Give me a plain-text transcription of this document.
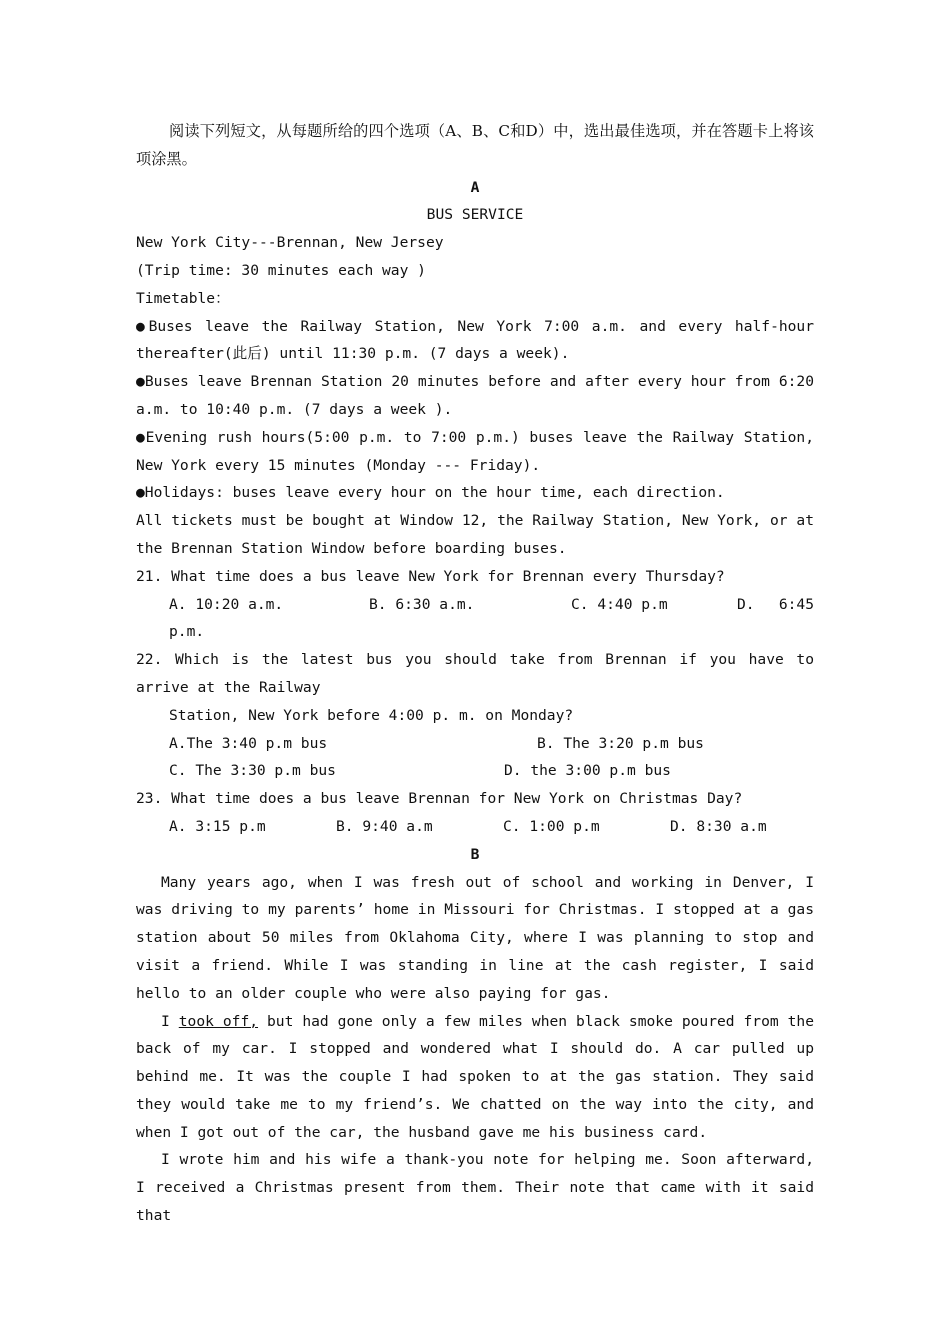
阅读下列短文，从每题所给的四个选项（A、B、C和D）中，选出最佳选项，并在答题卡上将该项涂黑。

A

BUS SERVICE

New York City---Brennan, New Jersey

(Trip time: 30 minutes each way )

Timetable：

●Buses leave the Railway Station, New York 7:00 a.m. and every half-hour thereafter(此后) until 11:30 p.m. (7 days a week).

●Buses leave Brennan Station 20 minutes before and after every hour from 6:20 a.m. to 10:40 p.m. (7 days a week ).

●Evening rush hours(5:00 p.m. to 7:00 p.m.) buses leave the Railway Station, New York every 15 minutes (Monday --- Friday).

●Holidays: buses leave every hour on the hour time, each direction.

All tickets must be bought at Window 12, the Railway Station, New York, or at the Brennan Station Window before boarding buses.

21. What time does a bus leave New York for Brennan every Thursday?

A. 10:20 a.m.	B. 6:30 a.m.	C. 4:40 p.m	D. 6:45 p.m.

22. Which is the latest bus you should take from Brennan if you have to arrive at the Railway

Station, New York before 4:00 p. m. on Monday?

A.The 3:40 p.m bus	B. The 3:20 p.m bus
C. The 3:30 p.m bus	D. the 3:00 p.m bus

23. What time does a bus leave Brennan for New York on Christmas Day?

A. 3:15 p.m	B. 9:40 a.m	C. 1:00 p.m	D. 8:30 a.m

B

Many years ago, when I was fresh out of school and working in Denver, I was driving to my parents’ home in Missouri for Christmas. I stopped at a gas station about 50 miles from Oklahoma City, where I was planning to stop and visit a friend. While I was standing in line at the cash register, I said hello to an older couple who were also paying for gas.

I took off, but had gone only a few miles when black smoke poured from the back of my car. I stopped and wondered what I should do. A car pulled up behind me. It was the couple I had spoken to at the gas station. They said they would take me to my friend’s. We chatted on the way into the city, and when I got out of the car, the husband gave me his business card.

I wrote him and his wife a thank-you note for helping me. Soon afterward, I received a Christmas present from them. Their note that came with it said that
